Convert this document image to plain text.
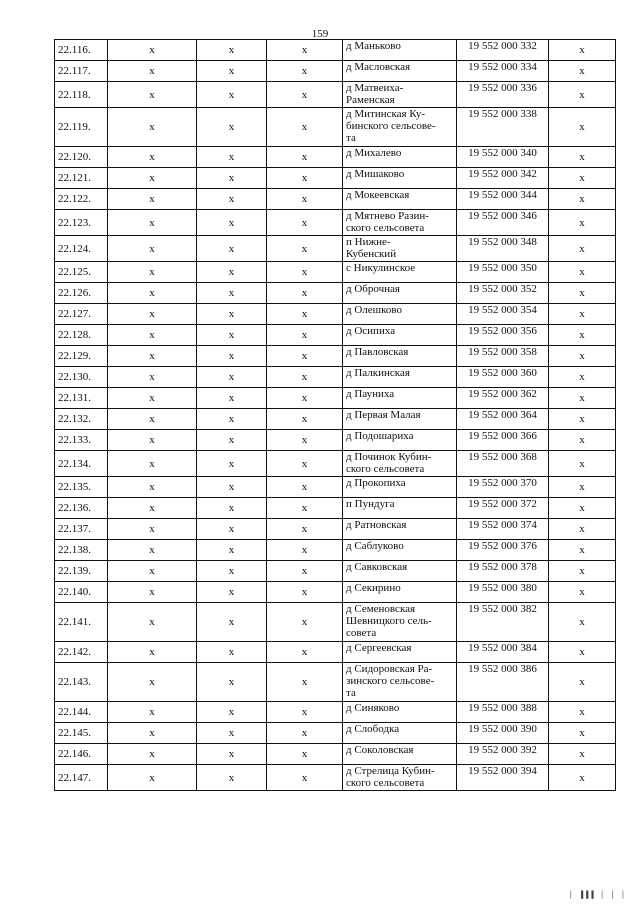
159
22.116.	х	х	х	д Маньково	19 552 000 332	х
22.117.	х	х	х	д Масловская	19 552 000 334	х
22.118.	х	х	х	д Матвеиха-
Раменская	19 552 000 336	х
22.119.	х	х	х	д Митинская Ку-
бинского сельсове-
та	19 552 000 338	х
22.120.	х	х	х	д Михалево	19 552 000 340	х
22.121.	х	х	х	д Мишаково	19 552 000 342	х
22.122.	х	х	х	д Мокеевская	19 552 000 344	х
22.123.	х	х	х	д Мятнево Разин-
ского сельсовета	19 552 000 346	х
22.124.	х	х	х	п Нижне-
Кубенский	19 552 000 348	х
22.125.	х	х	х	с Никулинское	19 552 000 350	х
22.126.	х	х	х	д Оброчная	19 552 000 352	х
22.127.	х	х	х	д Олешково	19 552 000 354	х
22.128.	х	х	х	д Осипиха	19 552 000 356	х
22.129.	х	х	х	д Павловская	19 552 000 358	х
22.130.	х	х	х	д Палкинская	19 552 000 360	х
22.131.	х	х	х	д Пауниха	19 552 000 362	х
22.132.	х	х	х	д Первая Малая	19 552 000 364	х
22.133.	х	х	х	д Подошариха	19 552 000 366	х
22.134.	х	х	х	д Починок Кубин-
ского сельсовета	19 552 000 368	х
22.135.	х	х	х	д Прокопиха	19 552 000 370	х
22.136.	х	х	х	п Пундуга	19 552 000 372	х
22.137.	х	х	х	д Ратновская	19 552 000 374	х
22.138.	х	х	х	д Саблуково	19 552 000 376	х
22.139.	х	х	х	д Савковская	19 552 000 378	х
22.140.	х	х	х	д Секирино	19 552 000 380	х
22.141.	х	х	х	д Семеновская
Шевницкого сель-
совета	19 552 000 382	х
22.142.	х	х	х	д Сергеевская	19 552 000 384	х
22.143.	х	х	х	д Сидоровская Ра-
зинского сельсове-
та	19 552 000 386	х
22.144.	х	х	х	д Синяково	19 552 000 388	х
22.145.	х	х	х	д Слободка	19 552 000 390	х
22.146.	х	х	х	д Соколовская	19 552 000 392	х
22.147.	х	х	х	д Стрелица Кубин-
ского сельсовета	19 552 000 394	х
▏ ▌▌▌ ▏ ▏ ▏
